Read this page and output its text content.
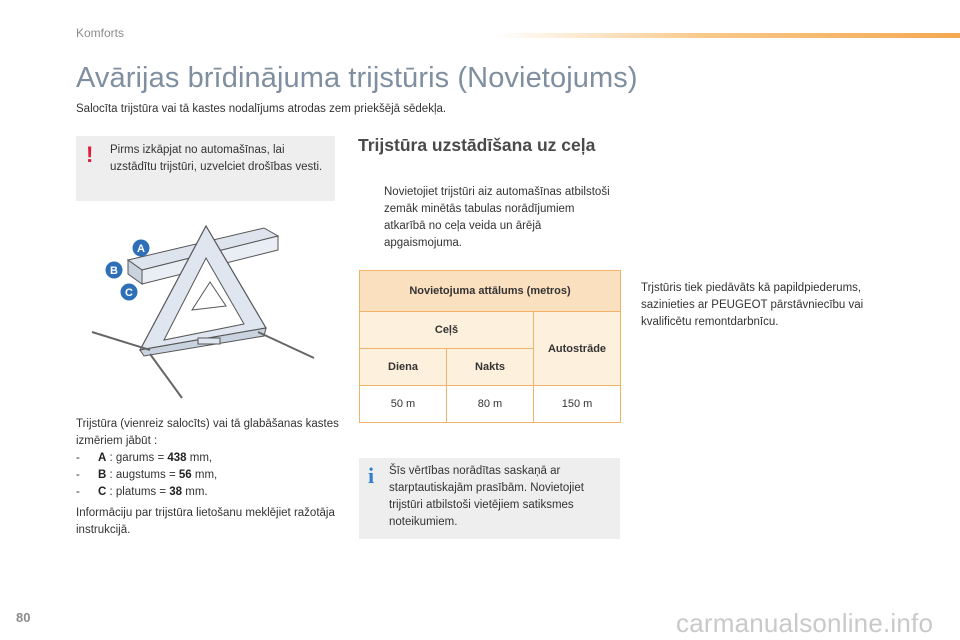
Komforts
Avārijas brīdinājuma trijstūris (Novietojums)
Salocīta trijstūra vai tā kastes nodalījums atrodas zem priekšējā sēdekļa.
! Pirms izkāpjat no automašīnas, lai uzstādītu trijstūri, uzvelciet drošības vesti.
A
B
C
Trijstūra (vienreiz salocīts) vai tā glabāšanas kastes izmēriem jābūt :
- A : garums = 438 mm,
- B : augstums = 56 mm,
- C : platums = 38 mm.
Informāciju par trijstūra lietošanu meklējiet ražotāja instrukcijā.
Trijstūra uzstādīšana uz ceļa
Novietojiet trijstūri aiz automašīnas atbilstoši zemāk minētās tabulas norādījumiem atkarībā no ceļa veida un ārējā apgaismojuma.
Novietojuma attālums (metros)		
Ceļš		Autostrāde
Diena	Nakts	
50 m	80 m	150 m
i Šīs vērtības norādītas saskaņā ar starptautiskajām prasībām. Novietojiet trijstūri atbilstoši vietējiem satiksmes noteikumiem.
Trjstūris tiek piedāvāts kā papildpiederums, sazinieties ar PEUGEOT pārstāvniecību vai kvalificētu remontdarbnīcu.
80	carmanualsonline.info
